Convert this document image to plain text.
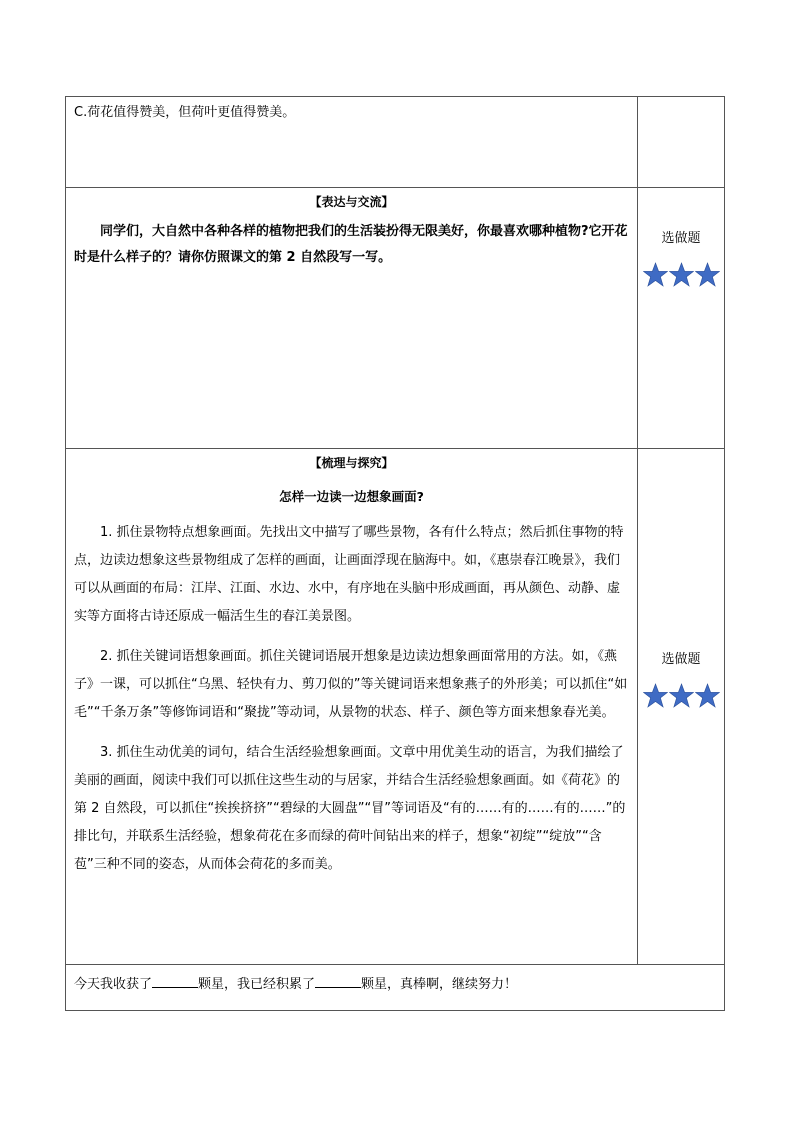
C.荷花值得赞美，但荷叶更值得赞美。	

【表达与交流】

同学们，大自然中各种各样的植物把我们的生活装扮得无限美好，你最喜欢哪种植物?它开花时是什么样子的？请你仿照课文的第 2 自然段写一写。	选做题

【梳理与探究】
怎样一边读一边想象画面?

1. 抓住景物特点想象画面。先找出文中描写了哪些景物，各有什么特点；然后抓住事物的特点，边读边想象这些景物组成了怎样的画面，让画面浮现在脑海中。如，《惠崇春江晚景》，我们可以从画面的布局：江岸、江面、水边、水中，有序地在头脑中形成画面，再从颜色、动静、虚实等方面将古诗还原成一幅活生生的春江美景图。

2. 抓住关键词语想象画面。抓住关键词语展开想象是边读边想象画面常用的方法。如，《燕子》一课，可以抓住“乌黑、轻快有力、剪刀似的”等关键词语来想象燕子的外形美；可以抓住“如毛”“千条万条”等修饰词语和“聚拢”等动词，从景物的状态、样子、颜色等方面来想象春光美。

3. 抓住生动优美的词句，结合生活经验想象画面。文章中用优美生动的语言，为我们描绘了美丽的画面，阅读中我们可以抓住这些生动的与居家，并结合生活经验想象画面。如《荷花》的第 2 自然段，可以抓住“挨挨挤挤”“碧绿的大圆盘”“冒”等词语及“有的……有的……有的……”的排比句，并联系生活经验，想象荷花在多而绿的荷叶间钻出来的样子，想象“初绽”“绽放”“含苞”三种不同的姿态，从而体会荷花的多而美。	选做题

今天我收获了 颗星，我已经积累了 颗星，真棒啊，继续努力！	
